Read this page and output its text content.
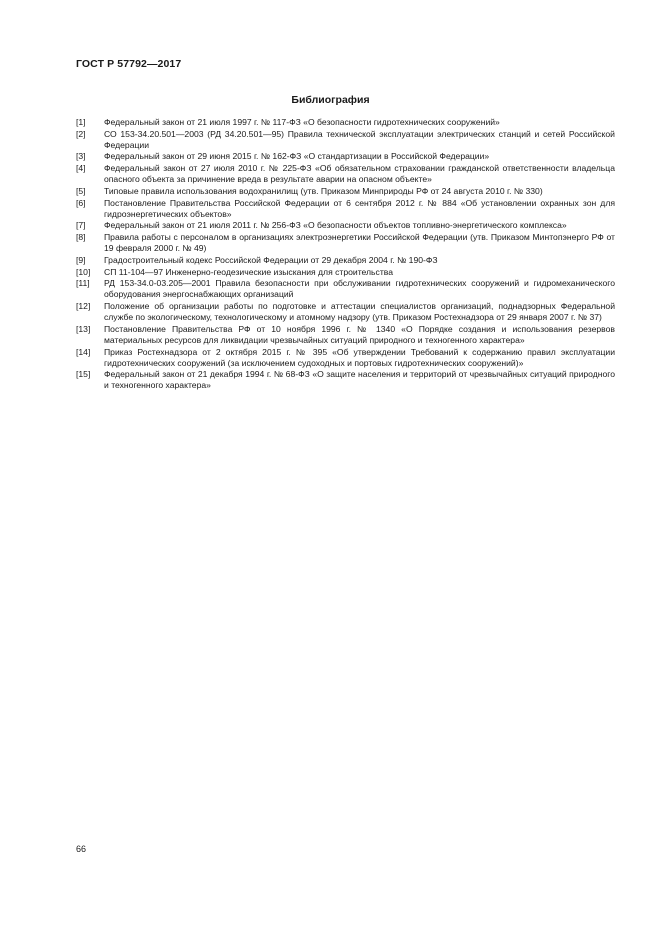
ГОСТ Р 57792—2017
Библиография
[1]	Федеральный закон от 21 июля 1997 г. № 117-ФЗ «О безопасности гидротехнических сооружений»
[2]	СО 153-34.20.501—2003 (РД 34.20.501—95) Правила технической эксплуатации электрических станций и сетей Российской Федерации
[3]	Федеральный закон от 29 июня 2015 г. № 162-ФЗ «О стандартизации в Российской Федерации»
[4]	Федеральный закон от 27 июля 2010 г. № 225-ФЗ «Об обязательном страховании гражданской ответственности владельца опасного объекта за причинение вреда в результате аварии на опасном объекте»
[5]	Типовые правила использования водохранилищ (утв. Приказом Минприроды РФ от 24 августа 2010 г. № 330)
[6]	Постановление Правительства Российской Федерации от 6 сентября 2012 г. № 884 «Об установлении охранных зон для гидроэнергетических объектов»
[7]	Федеральный закон от 21 июля 2011 г. № 256-ФЗ «О безопасности объектов топливно-энергетического комплекса»
[8]	Правила работы с персоналом в организациях электроэнергетики Российской Федерации (утв. Приказом Минтопэнерго РФ от 19 февраля 2000 г. № 49)
[9]	Градостроительный кодекс Российской Федерации от 29 декабря 2004 г. № 190-ФЗ
[10]	СП 11-104—97 Инженерно-геодезические изыскания для строительства
[11]	РД 153-34.0-03.205—2001 Правила безопасности при обслуживании гидротехнических сооружений и гидромеханического оборудования энергоснабжающих организаций
[12]	Положение об организации работы по подготовке и аттестации специалистов организаций, поднадзорных Федеральной службе по экологическому, технологическому и атомному надзору (утв. Приказом Ростехнадзора от 29 января 2007 г. № 37)
[13]	Постановление Правительства РФ от 10 ноября 1996 г. № 1340 «О Порядке создания и использования резервов материальных ресурсов для ликвидации чрезвычайных ситуаций природного и техногенного характера»
[14]	Приказ Ростехнадзора от 2 октября 2015 г. № 395 «Об утверждении Требований к содержанию правил эксплуатации гидротехнических сооружений (за исключением судоходных и портовых гидротехнических сооружений)»
[15]	Федеральный закон от 21 декабря 1994 г. № 68-ФЗ «О защите населения и территорий от чрезвычайных ситуаций природного и техногенного характера»
66
